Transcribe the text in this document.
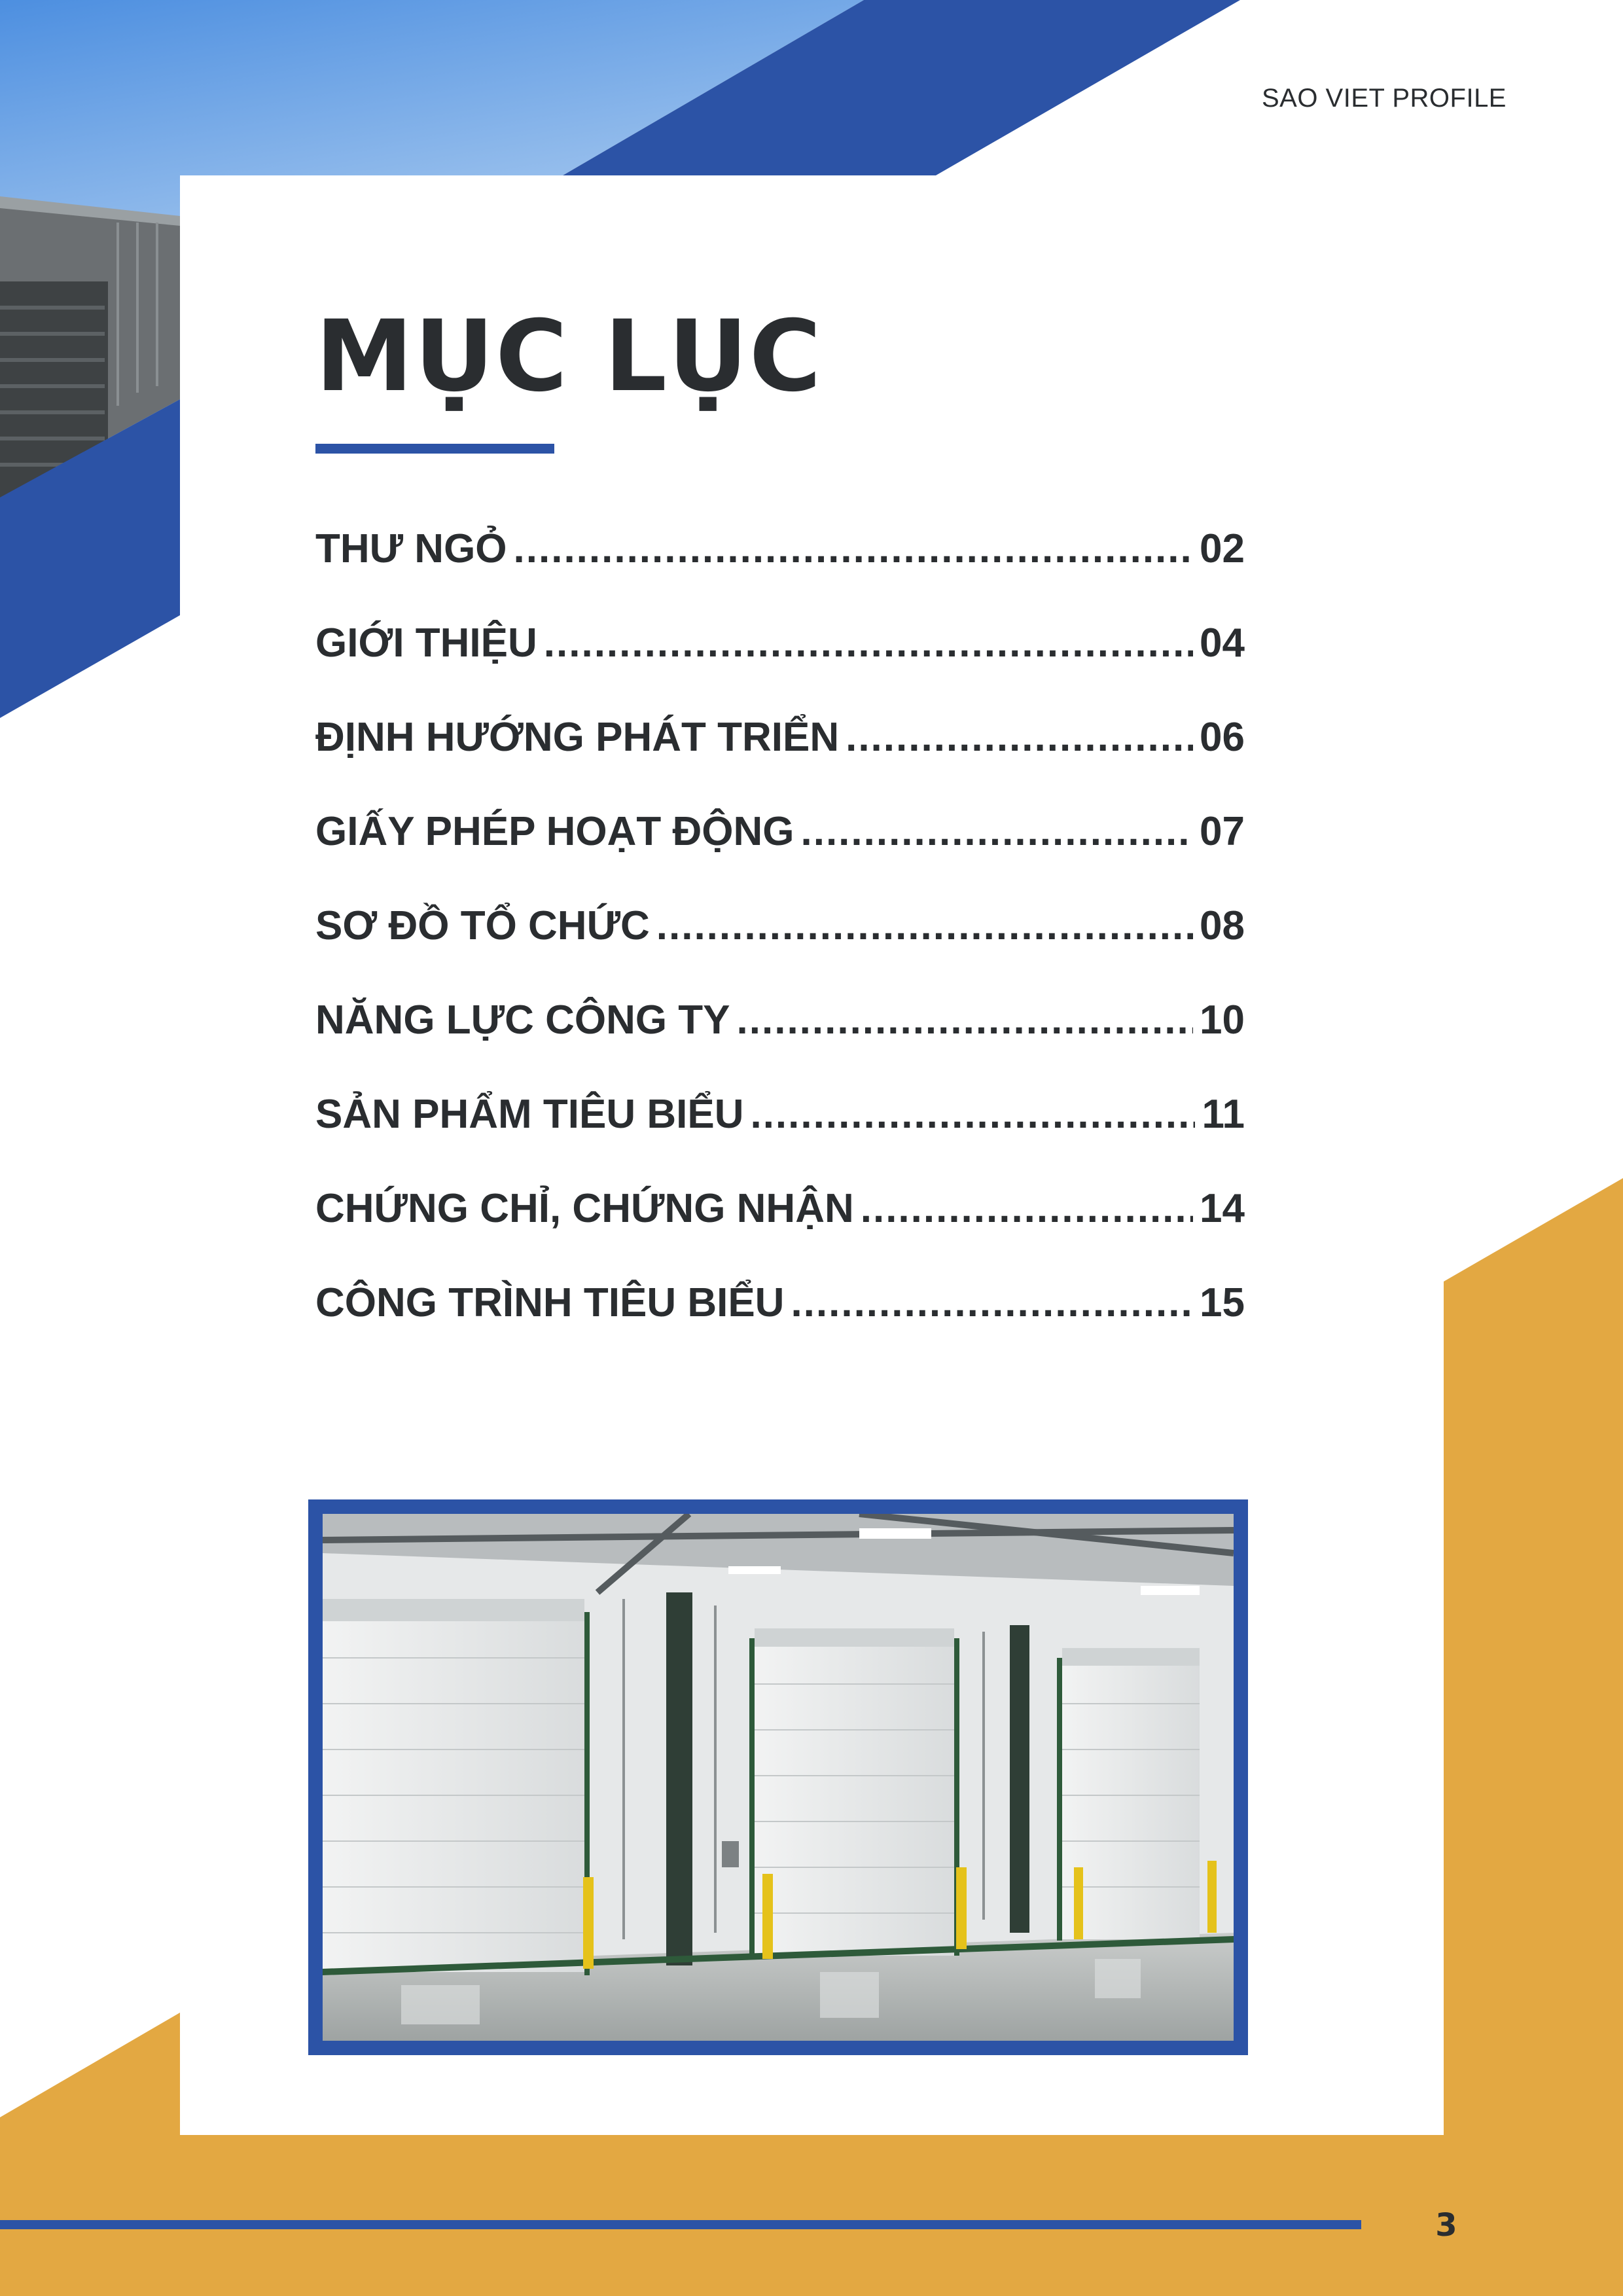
SAO VIET PROFILE
MỤC LỤC
THƯ NGỎ .....	02
GIỚI THIỆU .....	04
ĐỊNH HƯỚNG PHÁT TRIỂN .....	06
GIẤY PHÉP HOẠT ĐỘNG .....	07
SƠ ĐỒ TỔ CHỨC .....	08
NĂNG LỰC CÔNG TY .....	10
SẢN PHẨM TIÊU BIỂU .....	11
CHỨNG CHỈ, CHỨNG NHẬN .....	14
CÔNG TRÌNH TIÊU BIỂU .....	15
3
